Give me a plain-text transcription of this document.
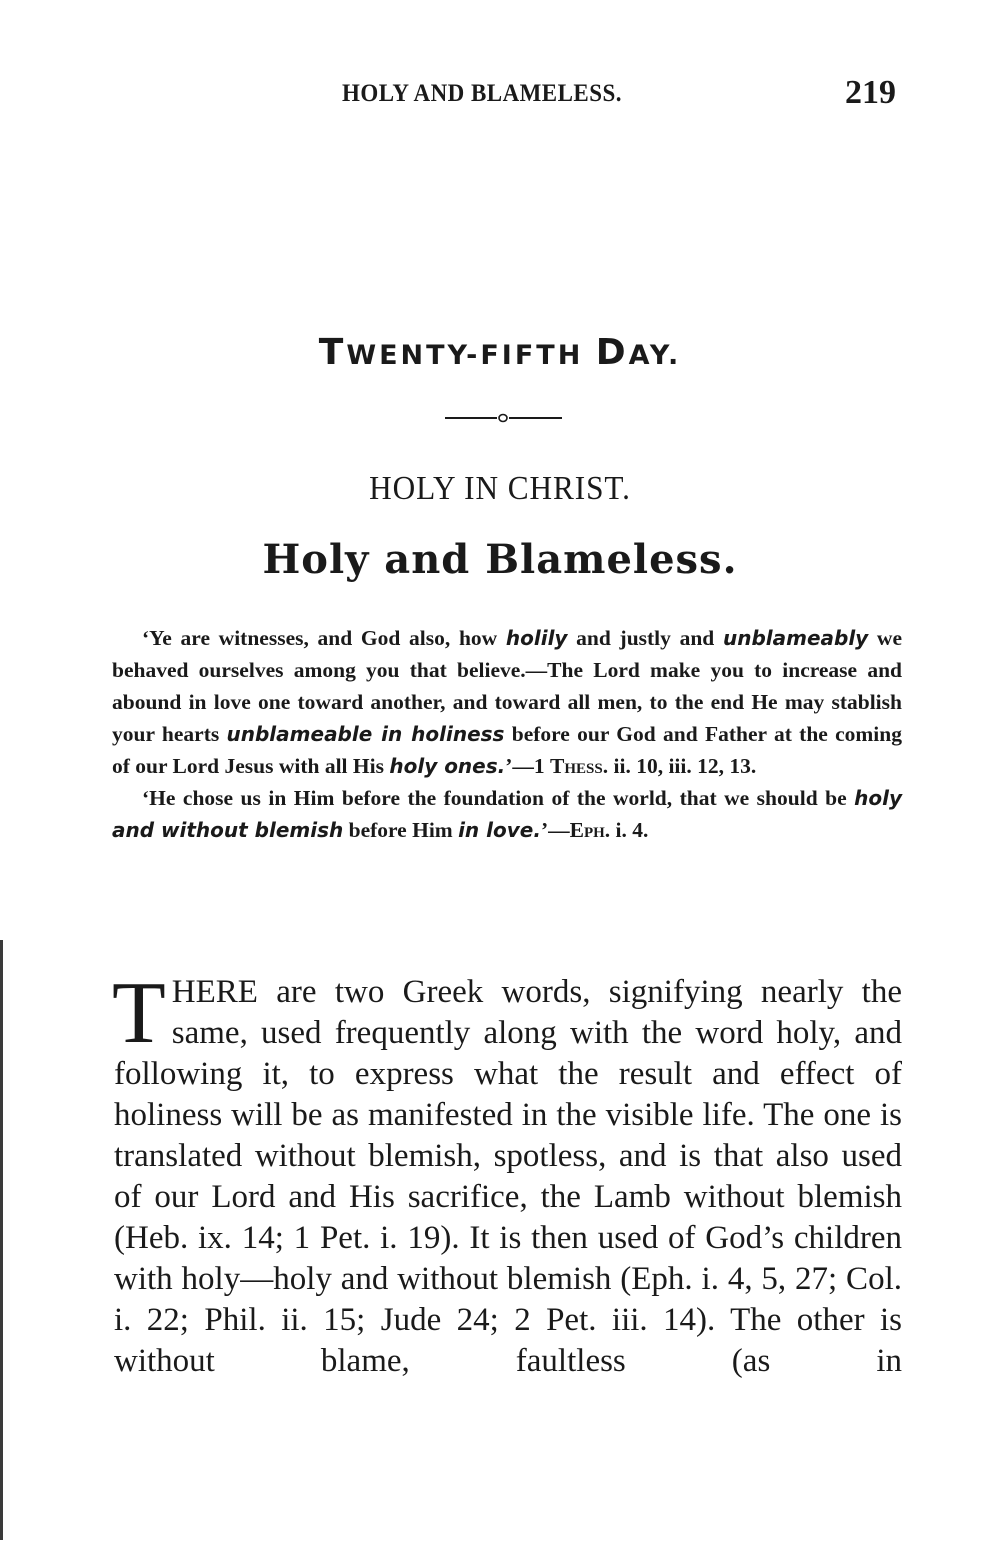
HOLY AND BLAMELESS.	219
TWENTY-FIFTH DAY.
HOLY IN CHRIST.
Holy and Blameless.

‘Ye are witnesses, and God also, how holily and justly and unblameably we behaved ourselves among you that believe.—The Lord make you to increase and abound in love one toward another, and toward all men, to the end He may stablish your hearts unblameable in holiness before our God and Father at the coming of our Lord Jesus with all His holy ones.’—1 Thess. ii. 10, iii. 12, 13.

‘He chose us in Him before the foundation of the world, that we should be holy and without blemish before Him in love.’—Eph. i. 4.

THERE are two Greek words, signifying nearly the same, used frequently along with the word holy, and following it, to express what the result and effect of holiness will be as manifested in the visible life. The one is translated without blemish, spotless, and is that also used of our Lord and His sacrifice, the Lamb without blemish (Heb. ix. 14; 1 Pet. i. 19). It is then used of God’s children with holy—holy and without blemish (Eph. i. 4, 5, 27; Col. i. 22; Phil. ii. 15; Jude 24; 2 Pet. iii. 14). The other is without blame, faultless (as in
